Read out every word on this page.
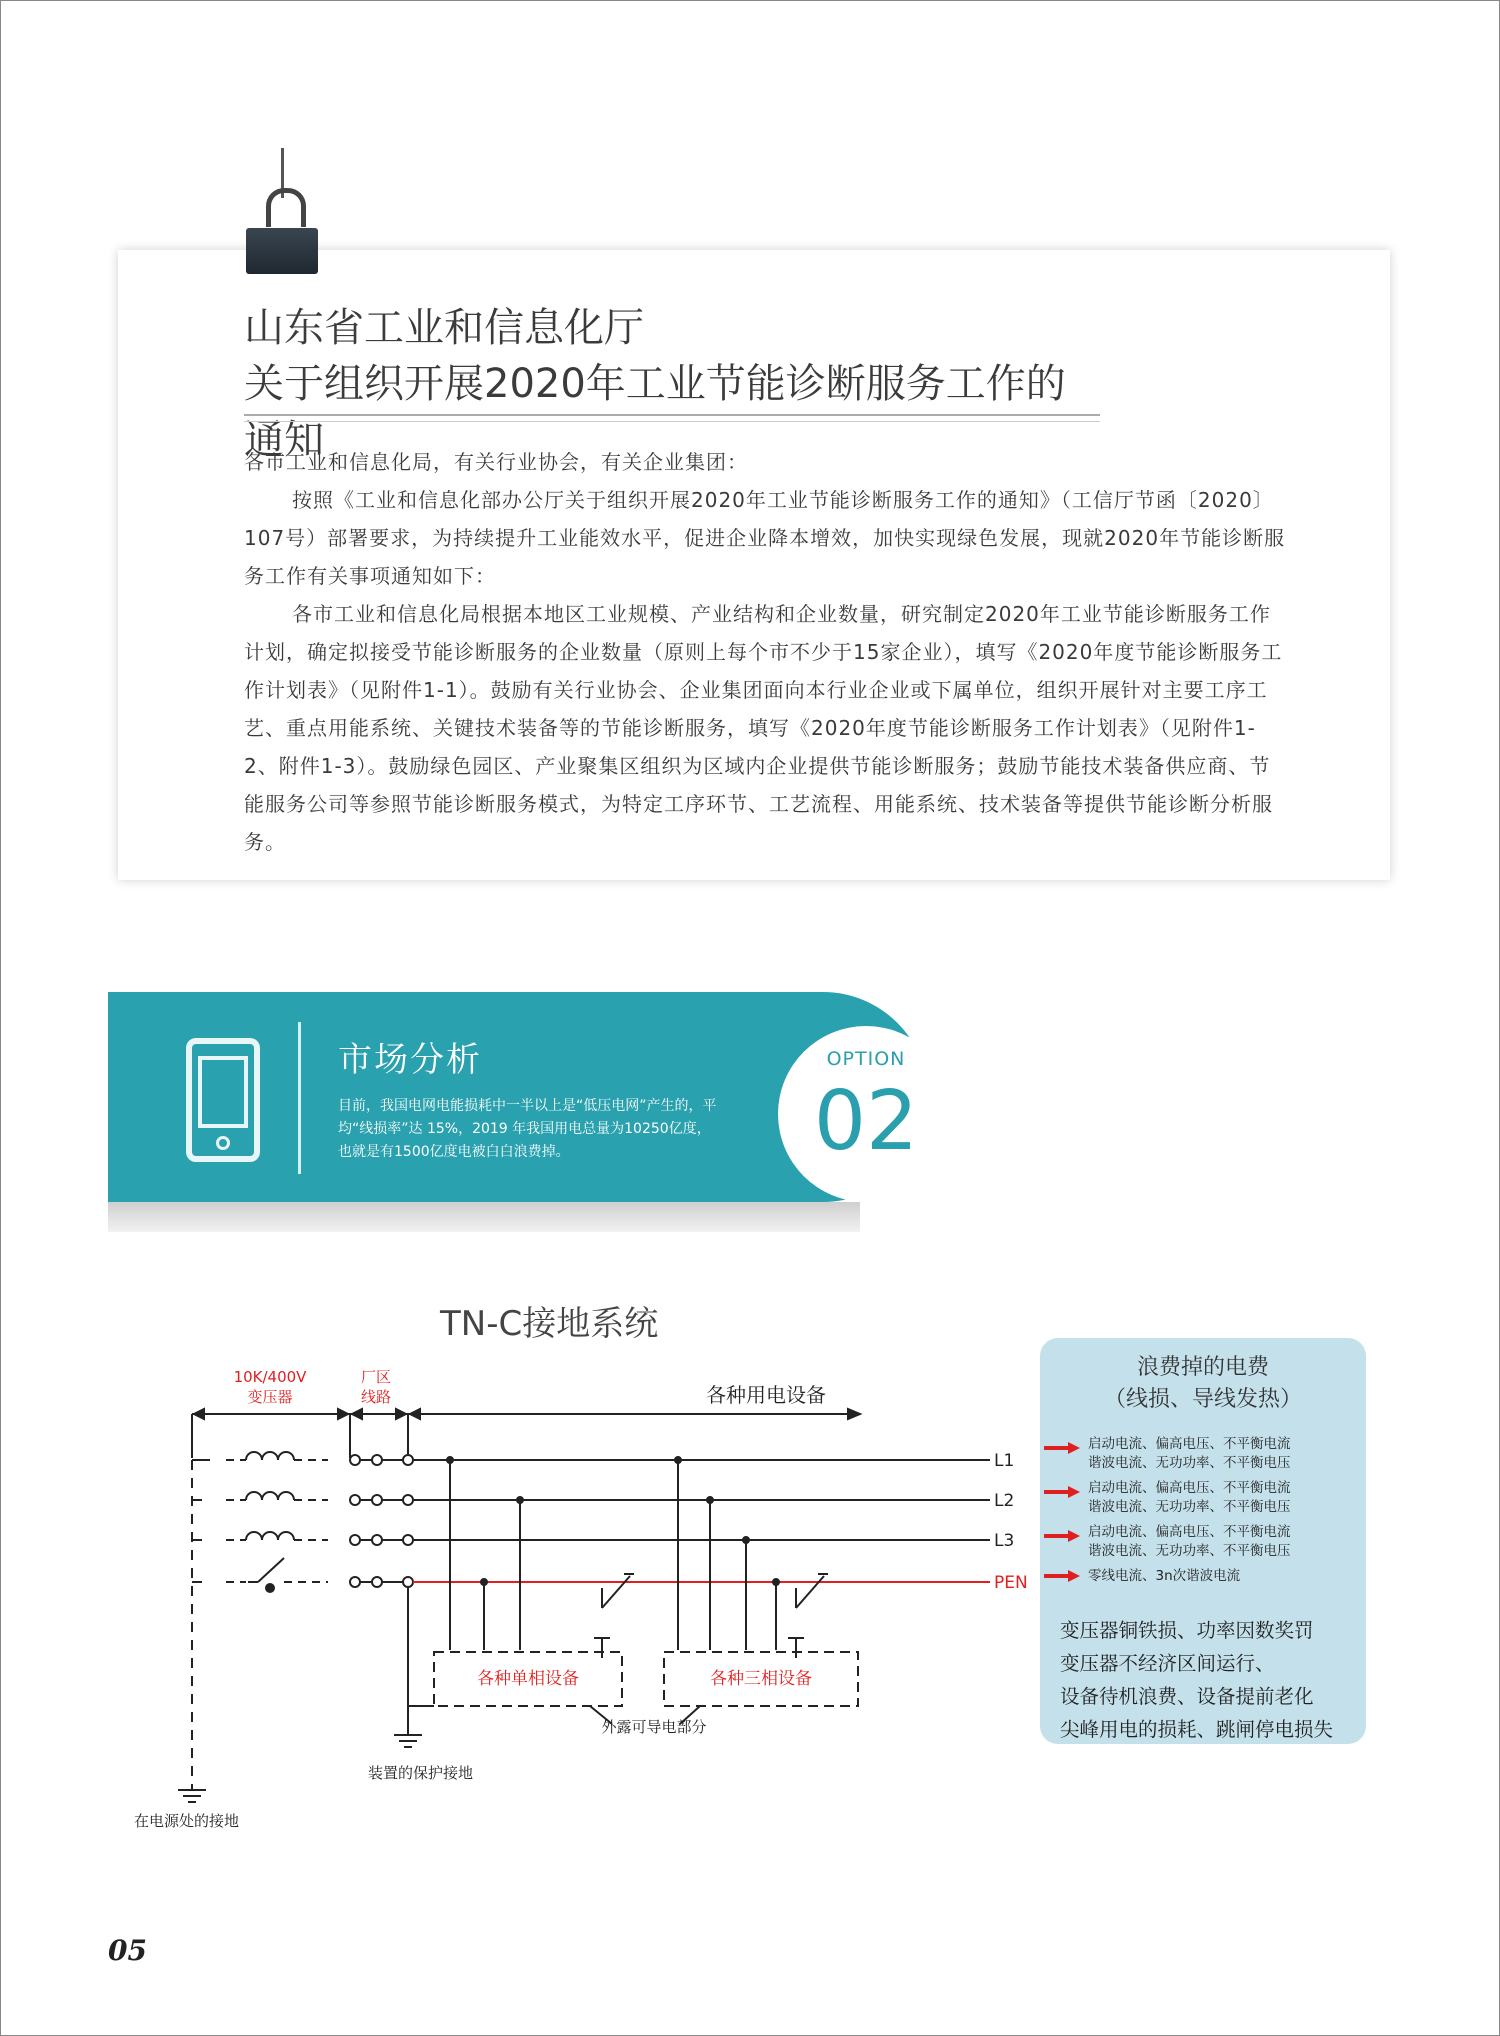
山东省工业和信息化厅
关于组织开展2020年工业节能诊断服务工作的通知

各市工业和信息化局，有关行业协会，有关企业集团：

按照《工业和信息化部办公厅关于组织开展2020年工业节能诊断服务工作的通知》（工信厅节函〔2020〕107号）部署要求，为持续提升工业能效水平，促进企业降本增效，加快实现绿色发展，现就2020年节能诊断服务工作有关事项通知如下：

各市工业和信息化局根据本地区工业规模、产业结构和企业数量，研究制定2020年工业节能诊断服务工作计划，确定拟接受节能诊断服务的企业数量（原则上每个市不少于15家企业），填写《2020年度节能诊断服务工作计划表》（见附件1-1）。鼓励有关行业协会、企业集团面向本行业企业或下属单位，组织开展针对主要工序工艺、重点用能系统、关键技术装备等的节能诊断服务，填写《2020年度节能诊断服务工作计划表》（见附件1-2、附件1-3）。鼓励绿色园区、产业聚集区组织为区域内企业提供节能诊断服务；鼓励节能技术装备供应商、节能服务公司等参照节能诊断服务模式，为特定工序环节、工艺流程、用能系统、技术装备等提供节能诊断分析服务。

市场分析
目前，我国电网电能损耗中一半以上是“低压电网”产生的，平均“线损率”达 15%，2019 年我国用电总量为10250亿度，也就是有1500亿度电被白白浪费掉。
OPTION
02
TN-C接地系统
10K/400V
变压器
厂区
线路	各种用电设备
L1
L2
L3
PEN
各种单相设备	各种三相设备
外露可导电部分
装置的保护接地
在电源处的接地
浪费掉的电费
（线损、导线发热）
启动电流、偏高电压、不平衡电流
谐波电流、无功功率、不平衡电压
启动电流、偏高电压、不平衡电流
谐波电流、无功功率、不平衡电压
启动电流、偏高电压、不平衡电流
谐波电流、无功功率、不平衡电压
零线电流、3n次谐波电流
变压器铜铁损、功率因数奖罚
变压器不经济区间运行、
设备待机浪费、设备提前老化
尖峰用电的损耗、跳闸停电损失
05
